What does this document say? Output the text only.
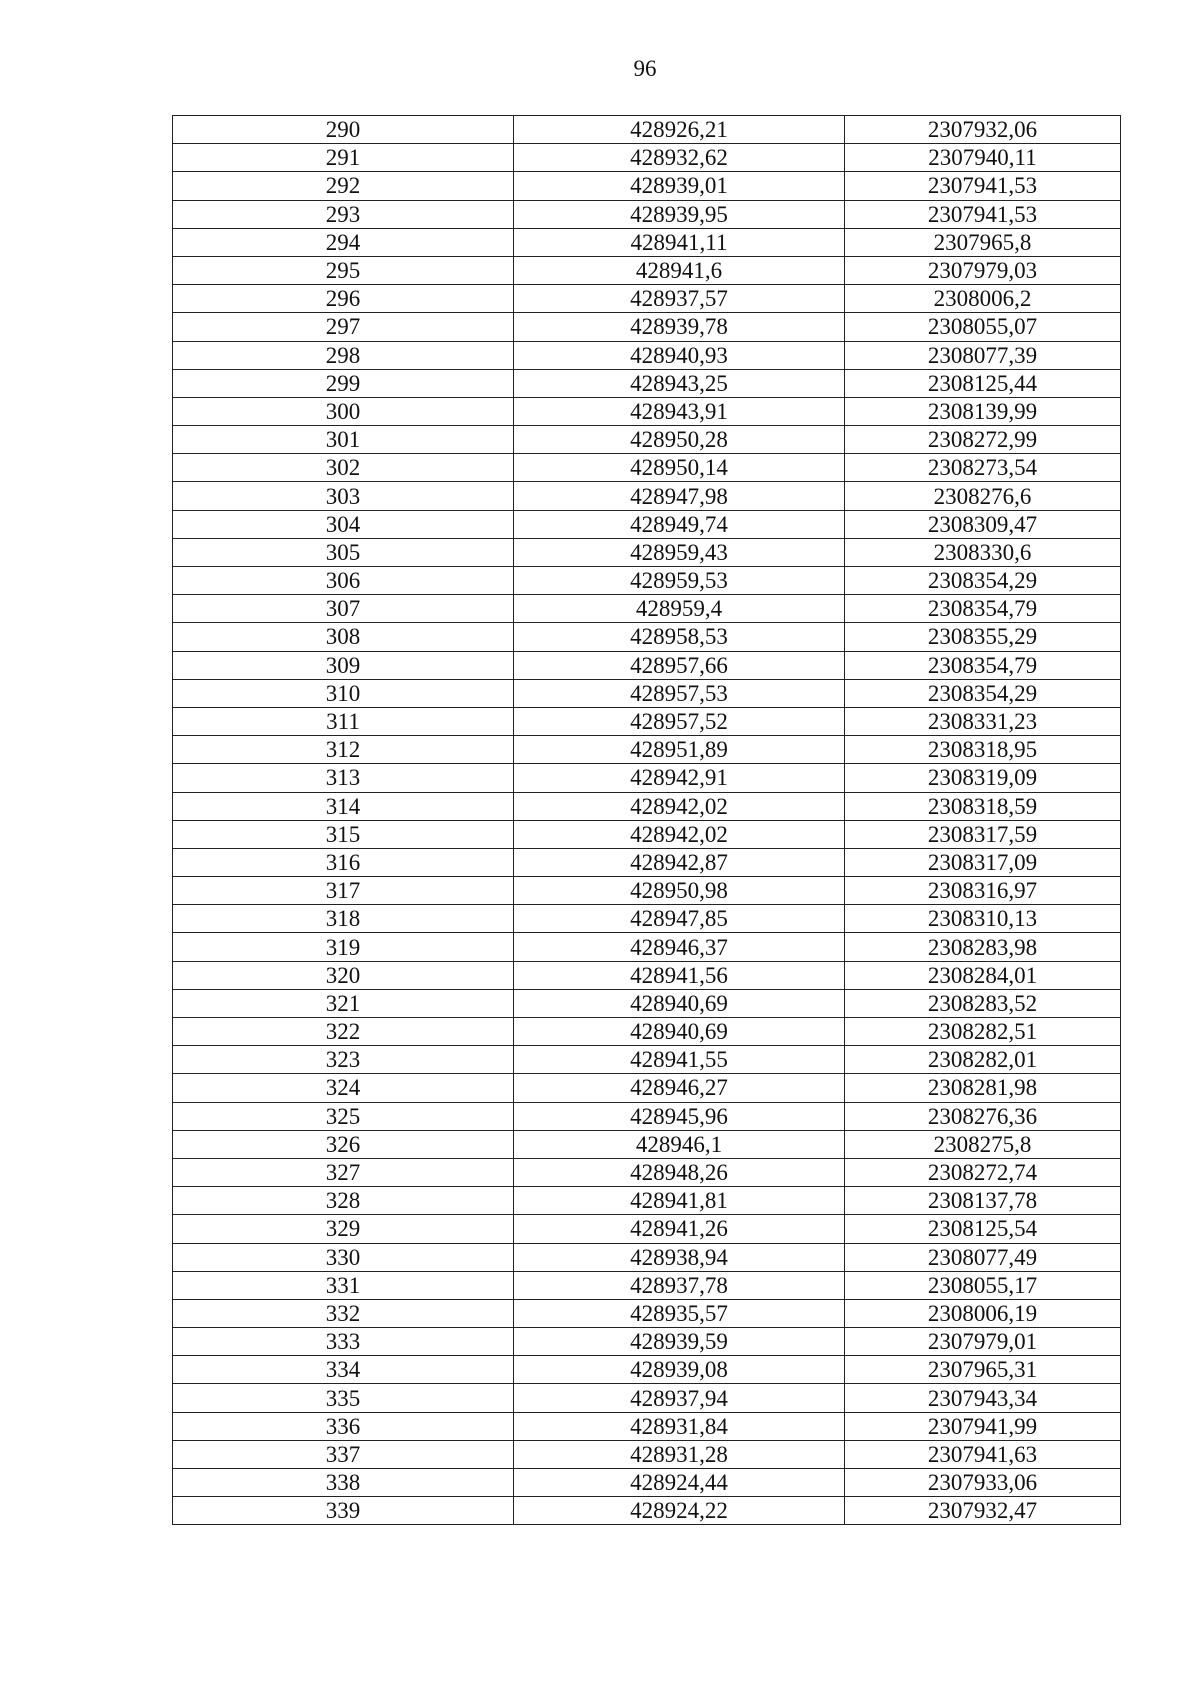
96
290	428926,21	2307932,06
291	428932,62	2307940,11
292	428939,01	2307941,53
293	428939,95	2307941,53
294	428941,11	2307965,8
295	428941,6	2307979,03
296	428937,57	2308006,2
297	428939,78	2308055,07
298	428940,93	2308077,39
299	428943,25	2308125,44
300	428943,91	2308139,99
301	428950,28	2308272,99
302	428950,14	2308273,54
303	428947,98	2308276,6
304	428949,74	2308309,47
305	428959,43	2308330,6
306	428959,53	2308354,29
307	428959,4	2308354,79
308	428958,53	2308355,29
309	428957,66	2308354,79
310	428957,53	2308354,29
311	428957,52	2308331,23
312	428951,89	2308318,95
313	428942,91	2308319,09
314	428942,02	2308318,59
315	428942,02	2308317,59
316	428942,87	2308317,09
317	428950,98	2308316,97
318	428947,85	2308310,13
319	428946,37	2308283,98
320	428941,56	2308284,01
321	428940,69	2308283,52
322	428940,69	2308282,51
323	428941,55	2308282,01
324	428946,27	2308281,98
325	428945,96	2308276,36
326	428946,1	2308275,8
327	428948,26	2308272,74
328	428941,81	2308137,78
329	428941,26	2308125,54
330	428938,94	2308077,49
331	428937,78	2308055,17
332	428935,57	2308006,19
333	428939,59	2307979,01
334	428939,08	2307965,31
335	428937,94	2307943,34
336	428931,84	2307941,99
337	428931,28	2307941,63
338	428924,44	2307933,06
339	428924,22	2307932,47
